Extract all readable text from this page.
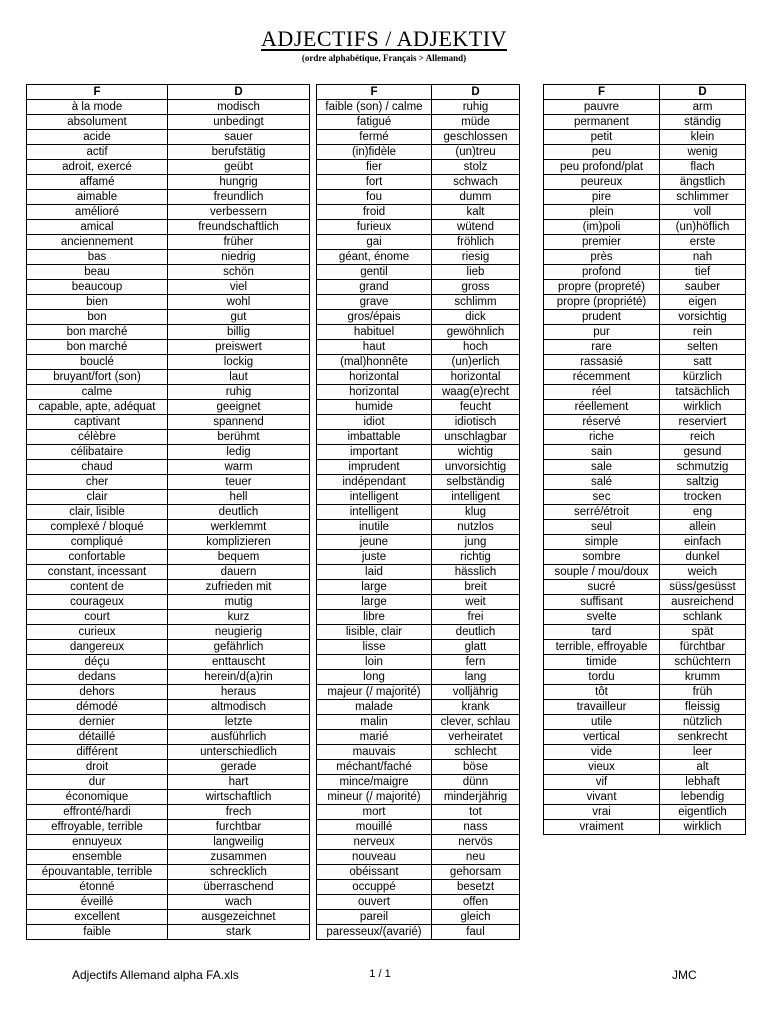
ADJECTIFS / ADJEKTIV
(ordre alphabétique, Français > Allemand)
F	D
à la mode	modisch
absolument	unbedingt
acide	sauer
actif	berufstätig
adroit, exercé	geübt
affamé	hungrig
aimable	freundlich
amélioré	verbessern
amical	freundschaftlich
anciennement	früher
bas	niedrig
beau	schön
beaucoup	viel
bien	wohl
bon	gut
bon marché	billig
bon marché	preiswert
bouclé	lockig
bruyant/fort (son)	laut
calme	ruhig
capable, apte, adéquat	geeignet
captivant	spannend
célèbre	berühmt
célibataire	ledig
chaud	warm
cher	teuer
clair	hell
clair, lisible	deutlich
complexé / bloqué	werklemmt
compliqué	komplizieren
confortable	bequem
constant, incessant	dauern
content de	zufrieden mit
courageux	mutig
court	kurz
curieux	neugierig
dangereux	gefährlich
déçu	enttauscht
dedans	herein/d(a)rin
dehors	heraus
démodé	altmodisch
dernier	letzte
détaillé	ausführlich
différent	unterschiedlich
droit	gerade
dur	hart
économique	wirtschaftlich
effronté/hardi	frech
effroyable, terrible	furchtbar
ennuyeux	langweilig
ensemble	zusammen
épouvantable, terrible	schrecklich
étonné	überraschend
éveillé	wach
excellent	ausgezeichnet
faible	stark
F	D
faible (son) / calme	ruhig
fatigué	müde
fermé	geschlossen
(in)fidèle	(un)treu
fier	stolz
fort	schwach
fou	dumm
froid	kalt
furieux	wütend
gai	fröhlich
géant, énome	riesig
gentil	lieb
grand	gross
grave	schlimm
gros/épais	dick
habituel	gewöhnlich
haut	hoch
(mal)honnête	(un)erlich
horizontal	horizontal
horizontal	waag(e)recht
humide	feucht
idiot	idiotisch
imbattable	unschlagbar
important	wichtig
imprudent	unvorsichtig
indépendant	selbständig
intelligent	intelligent
intelligent	klug
inutile	nutzlos
jeune	jung
juste	richtig
laid	hässlich
large	breit
large	weit
libre	frei
lisible, clair	deutlich
lisse	glatt
loin	fern
long	lang
majeur (/ majorité)	volljährig
malade	krank
malin	clever, schlau
marié	verheiratet
mauvais	schlecht
méchant/faché	böse
mince/maigre	dünn
mineur (/ majorité)	minderjährig
mort	tot
mouillé	nass
nerveux	nervös
nouveau	neu
obéissant	gehorsam
occuppé	besetzt
ouvert	offen
pareil	gleich
paresseux/(avarié)	faul
F	D
pauvre	arm
permanent	ständig
petit	klein
peu	wenig
peu profond/plat	flach
peureux	ängstlich
pire	schlimmer
plein	voll
(im)poli	(un)höflich
premier	erste
près	nah
profond	tief
propre (propreté)	sauber
propre (propriété)	eigen
prudent	vorsichtig
pur	rein
rare	selten
rassasié	satt
récemment	kürzlich
réel	tatsächlich
réellement	wirklich
réservé	reserviert
riche	reich
sain	gesund
sale	schmutzig
salé	saltzig
sec	trocken
serré/étroit	eng
seul	allein
simple	einfach
sombre	dunkel
souple / mou/doux	weich
sucré	süss/gesüsst
suffisant	ausreichend
svelte	schlank
tard	spät
terrible, effroyable	fürchtbar
timide	schüchtern
tordu	krumm
tôt	früh
travailleur	fleissig
utile	nützlich
vertical	senkrecht
vide	leer
vieux	alt
vif	lebhaft
vivant	lebendig
vrai	eigentlich
vraiment	wirklich
Adjectifs Allemand alpha FA.xls	1 / 1	JMC
